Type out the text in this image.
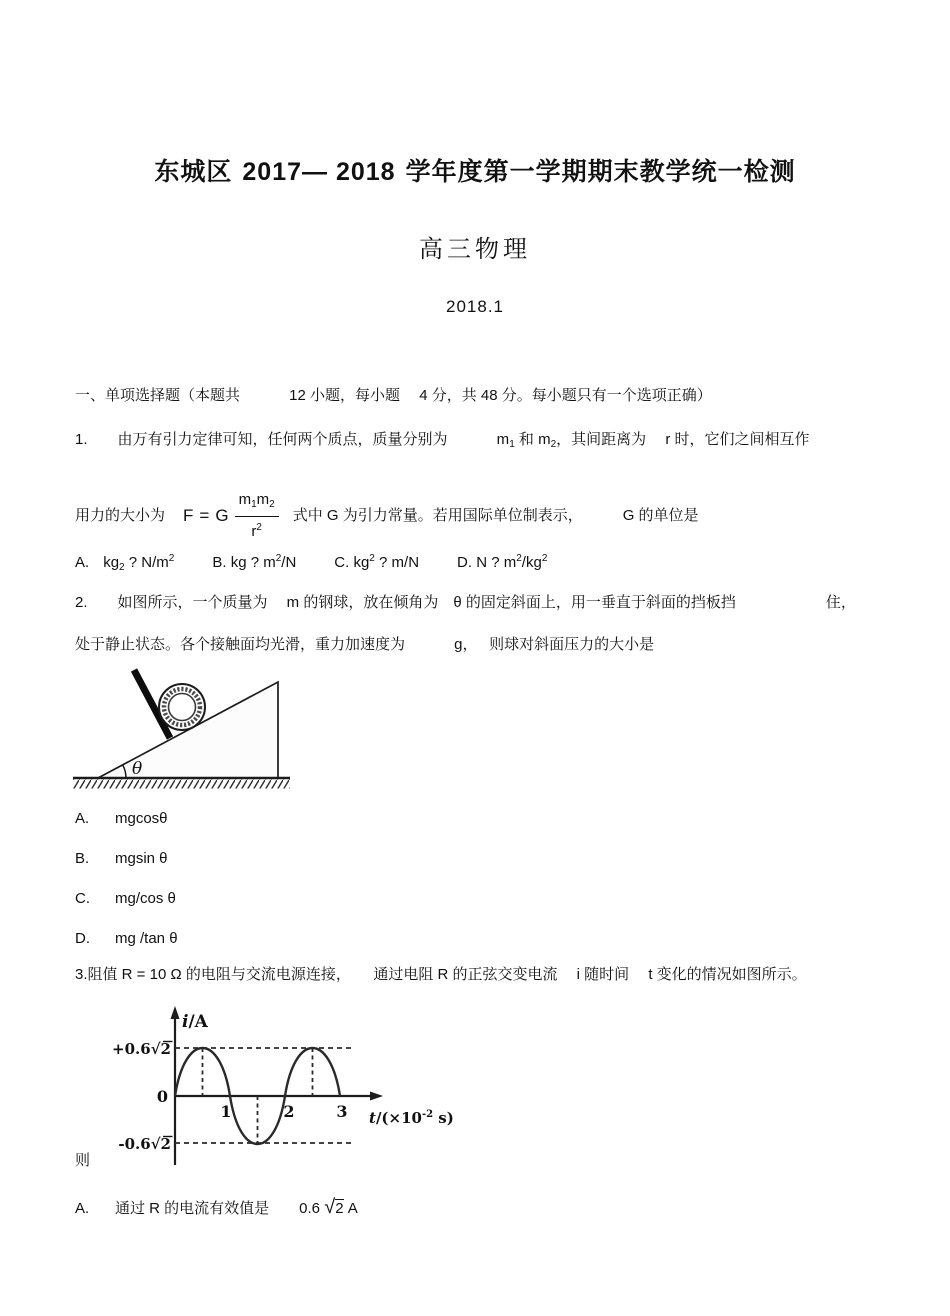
东城区 2017— 2018 学年度第一学期期末教学统一检测
高三物理
2018.1
一、单项选择题（本题共　　　 12 小题，每小题　 4 分，共 48 分。每小题只有一个选项正确）
1.　　由万有引力定律可知，任何两个质点，质量分别为　　　 $m_1$ 和 $m_2$，其间距离为　 r 时，它们之间相互作
用力的大小为 F = G $\frac{m_1m_2}{r^2}$ 式中 G 为引力常量。若用国际单位制表示，	G 的单位是
A. $kg_2$ ? $N/m^2$	B. kg ? $m^2/N$	C. $kg^2$ ? m/N	D. N ? $m^2/kg^2$
2.　　如图所示，一个质量为　 m 的钢球，放在倾角为　θ 的固定斜面上，用一垂直于斜面的挡板挡　　　　　　住，
处于静止状态。各个接触面均光滑，重力加速度为　　　 g，　 则球对斜面压力的大小是
θ
A. mgcosθ
B. mgsin θ
C. mg/cos θ
D. mg /tan θ
3.阻值 R = 10 Ω 的电阻与交流电源连接，　　通过电阻 R 的正弦交变电流　 i 随时间　 t 变化的情况如图所示。
i/A
+0.6√2
0
-0.6√2
1	2	3 $t/(\times 10^{-2}$ s)
则
A. 通过 R 的电流有效值是 0.6 √2 A
